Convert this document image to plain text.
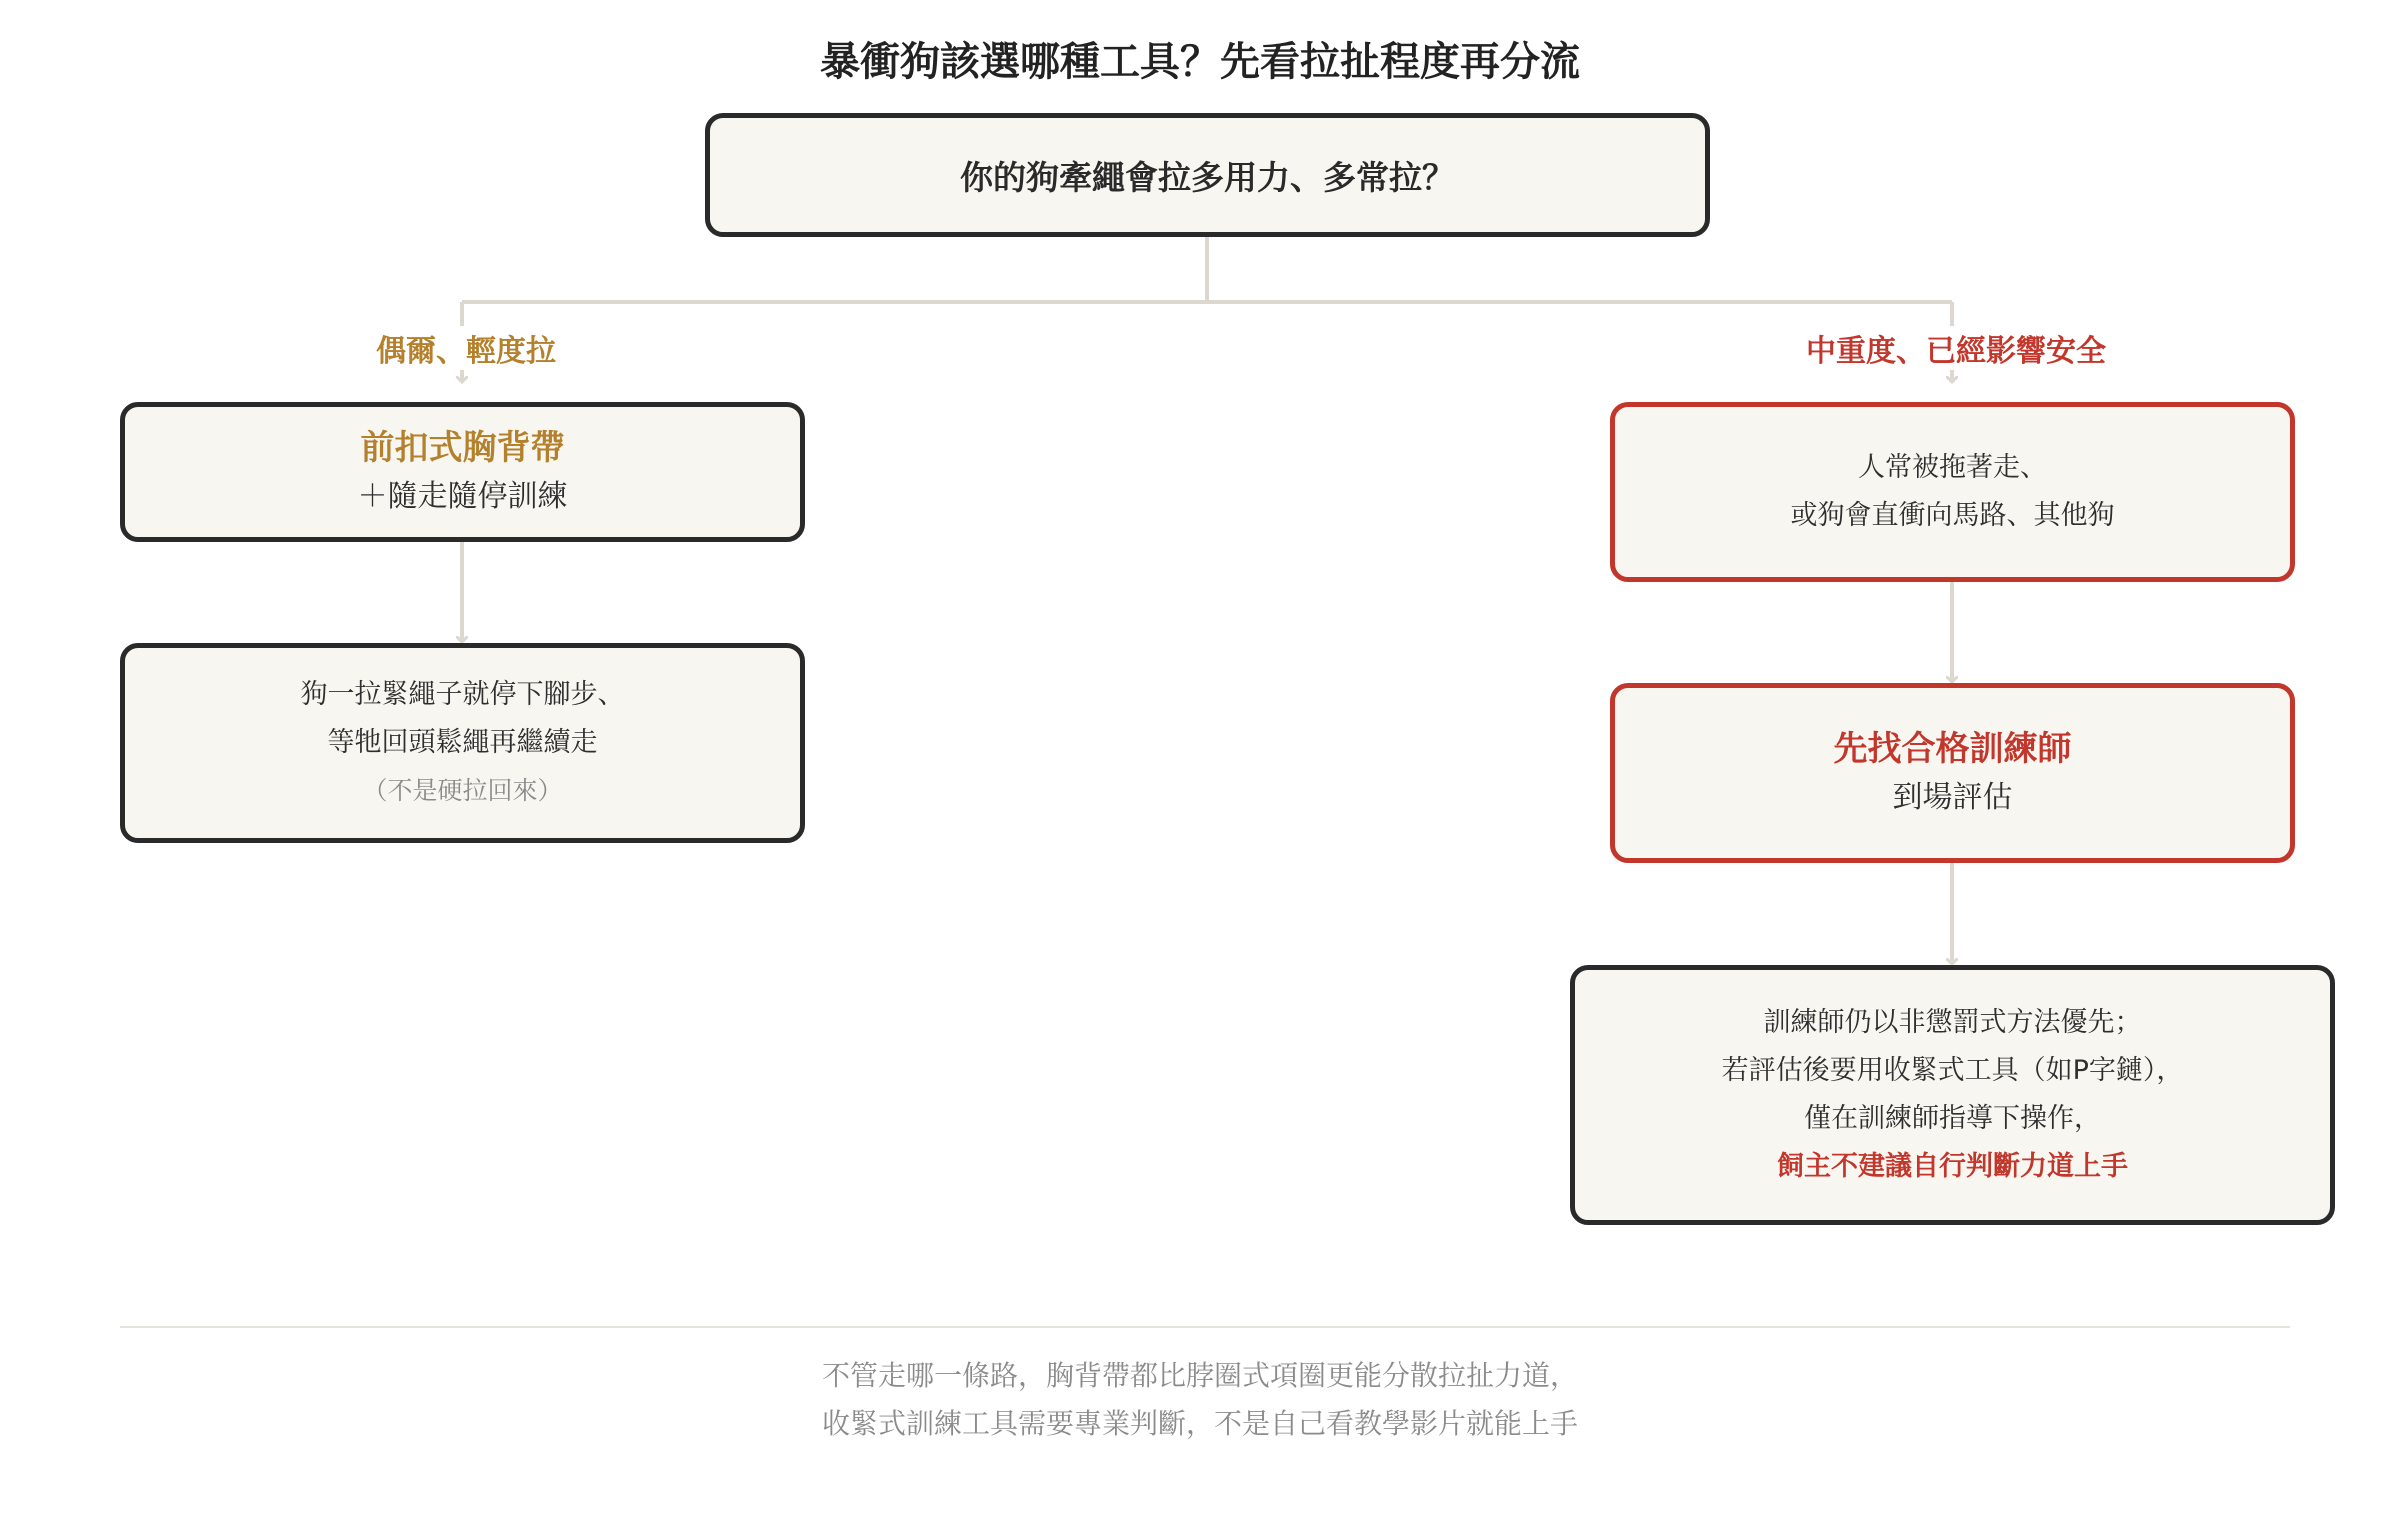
暴衝狗該選哪種工具？先看拉扯程度再分流
你的狗牽繩會拉多用力、多常拉？
偶爾、輕度拉	中重度、已經影響安全
前扣式胸背帶
＋隨走隨停訓練
狗一拉緊繩子就停下腳步、
等牠回頭鬆繩再繼續走
（不是硬拉回來）
人常被拖著走、
或狗會直衝向馬路、其他狗
先找合格訓練師
到場評估
訓練師仍以非懲罰式方法優先；
若評估後要用收緊式工具（如P字鏈），
僅在訓練師指導下操作，
飼主不建議自行判斷力道上手
不管走哪一條路，胸背帶都比脖圈式項圈更能分散拉扯力道，
收緊式訓練工具需要專業判斷，不是自己看教學影片就能上手
